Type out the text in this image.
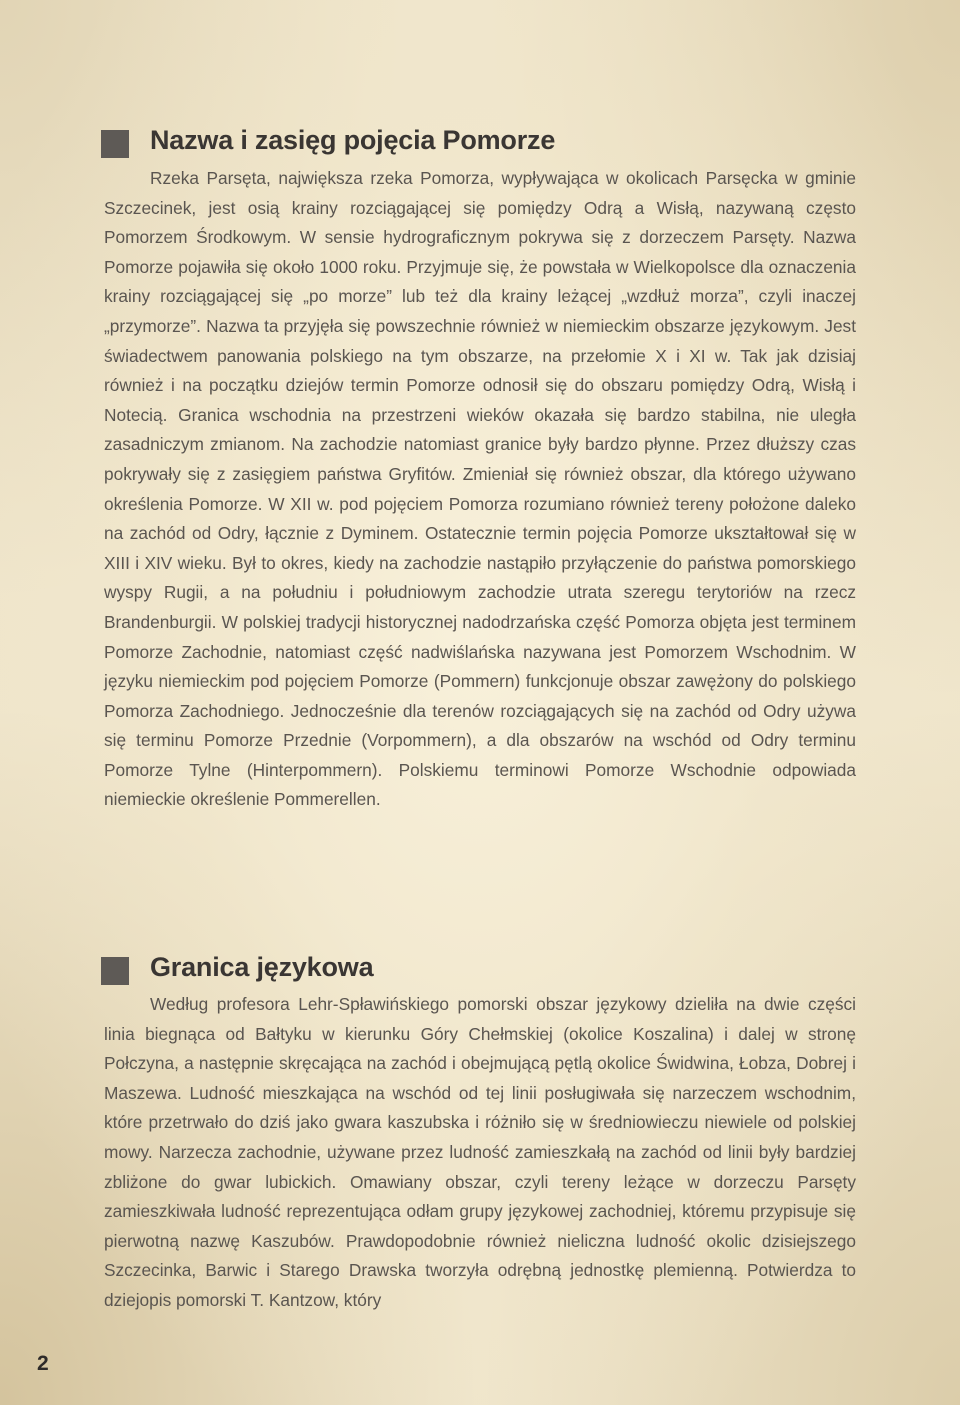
Nazwa i zasięg pojęcia Pomorze

Rzeka Parsęta, największa rzeka Pomorza, wypływająca w okolicach Parsęcka w gminie Szczecinek, jest osią krainy rozciągającej się pomiędzy Odrą a Wisłą, nazywaną często Pomorzem Środkowym. W sensie hydrograficznym pokrywa się z dorzeczem Parsęty. Nazwa Pomorze pojawiła się około 1000 roku. Przyjmuje się, że powstała w Wielkopolsce dla oznaczenia krainy rozciągającej się „po morze” lub też dla krainy leżącej „wzdłuż morza”, czyli inaczej „przymorze”. Nazwa ta przyjęła się powszechnie również w niemieckim obszarze językowym. Jest świadectwem panowania polskiego na tym obszarze, na przełomie X i XI w. Tak jak dzisiaj również i na początku dziejów termin Pomorze odnosił się do obszaru pomiędzy Odrą, Wisłą i Notecią. Granica wschodnia na przestrzeni wieków okazała się bardzo stabilna, nie uległa zasadniczym zmianom. Na zachodzie natomiast granice były bardzo płynne. Przez dłuższy czas pokrywały się z zasięgiem państwa Gryfitów. Zmieniał się również obszar, dla którego używano określenia Pomorze. W XII w. pod pojęciem Pomorza rozumiano również tereny położone daleko na zachód od Odry, łącznie z Dyminem. Ostatecznie termin pojęcia Pomorze ukształtował się w XIII i XIV wieku. Był to okres, kiedy na zachodzie nastąpiło przyłączenie do państwa pomorskiego wyspy Rugii, a na południu i południowym zachodzie utrata szeregu terytoriów na rzecz Brandenburgii. W polskiej tradycji historycznej nadodrzańska część Pomorza objęta jest terminem Pomorze Zachodnie, natomiast część nadwiślańska nazywana jest Pomorzem Wschodnim. W języku niemieckim pod pojęciem Pomorze (Pommern) funkcjonuje obszar zawężony do polskiego Pomorza Zachodniego. Jednocześnie dla terenów rozciągających się na zachód od Odry używa się terminu Pomorze Przednie (Vorpommern), a dla obszarów na wschód od Odry terminu Pomorze Tylne (Hinterpommern). Polskiemu terminowi Pomorze Wschodnie odpowiada niemieckie określenie Pommerellen.

Granica językowa

Według profesora Lehr-Spławińskiego pomorski obszar językowy dzieliła na dwie części linia biegnąca od Bałtyku w kierunku Góry Chełmskiej (okolice Koszalina) i dalej w stronę Połczyna, a następnie skręcająca na zachód i obejmującą pętlą okolice Świdwina, Łobza, Dobrej i Maszewa. Ludność mieszkająca na wschód od tej linii posługiwała się narzeczem wschodnim, które przetrwało do dziś jako gwara kaszubska i różniło się w średniowieczu niewiele od polskiej mowy. Narzecza zachodnie, używane przez ludność zamieszkałą na zachód od linii były bardziej zbliżone do gwar lubickich. Omawiany obszar, czyli tereny leżące w dorzeczu Parsęty zamieszkiwała ludność reprezentująca odłam grupy językowej zachodniej, któremu przypisuje się pierwotną nazwę Kaszubów. Prawdopodobnie również nieliczna ludność okolic dzisiejszego Szczecinka, Barwic i Starego Drawska tworzyła odrębną jednostkę plemienną. Potwierdza to dziejopis pomorski T. Kantzow, który

2
